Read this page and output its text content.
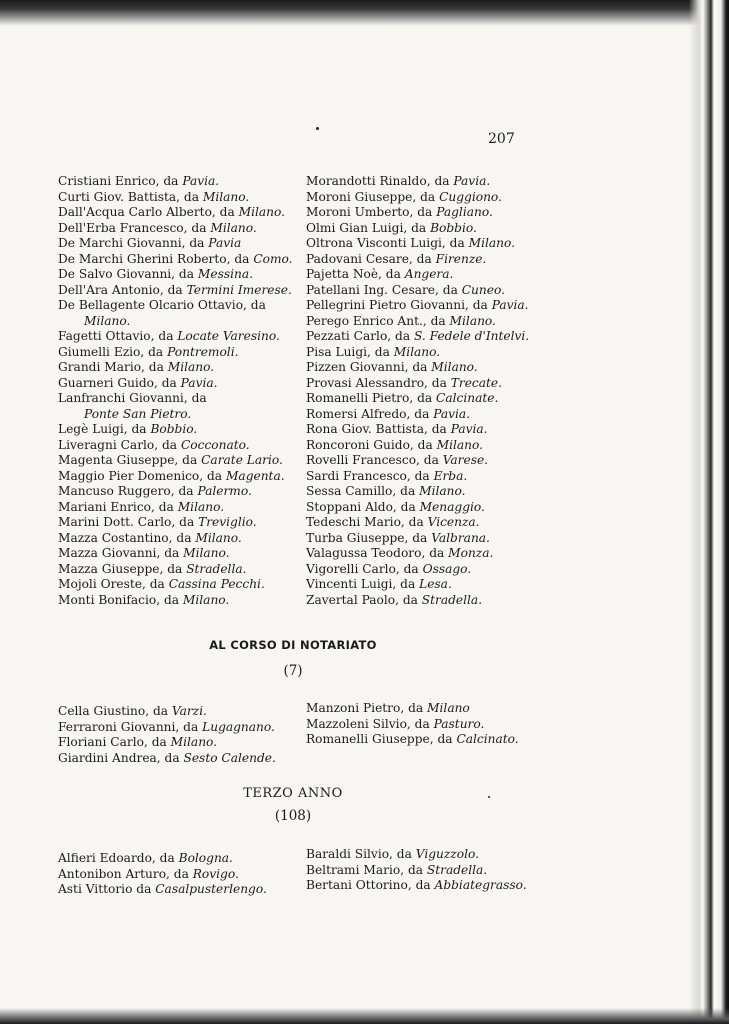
207
Cristiani Enrico, da Pavia.
Curti Giov. Battista, da Milano.
Dall'Acqua Carlo Alberto, da Milano.
Dell'Erba Francesco, da Milano.
De Marchi Giovanni, da Pavia
De Marchi Gherini Roberto, da Como.
De Salvo Giovanni, da Messina.
Dell'Ara Antonio, da Termini Imerese.
De Bellagente Olcario Ottavio, da
Milano.
Fagetti Ottavio, da Locate Varesino.
Giumelli Ezio, da Pontremoli.
Grandi Mario, da Milano.
Guarneri Guido, da Pavia.
Lanfranchi Giovanni, da
Ponte San Pietro.
Legè Luigi, da Bobbio.
Liveragni Carlo, da Cocconato.
Magenta Giuseppe, da Carate Lario.
Maggio Pier Domenico, da Magenta.
Mancuso Ruggero, da Palermo.
Mariani Enrico, da Milano.
Marini Dott. Carlo, da Treviglio.
Mazza Costantino, da Milano.
Mazza Giovanni, da Milano.
Mazza Giuseppe, da Stradella.
Mojoli Oreste, da Cassina Pecchi.
Monti Bonifacio, da Milano.
Morandotti Rinaldo, da Pavia.
Moroni Giuseppe, da Cuggiono.
Moroni Umberto, da Pagliano.
Olmi Gian Luigi, da Bobbio.
Oltrona Visconti Luigi, da Milano.
Padovani Cesare, da Firenze.
Pajetta Noè, da Angera.
Patellani Ing. Cesare, da Cuneo.
Pellegrini Pietro Giovanni, da Pavia.
Perego Enrico Ant., da Milano.
Pezzati Carlo, da S. Fedele d'Intelvi.
Pisa Luigi, da Milano.
Pizzen Giovanni, da Milano.
Provasi Alessandro, da Trecate.
Romanelli Pietro, da Calcinate.
Romersi Alfredo, da Pavia.
Rona Giov. Battista, da Pavia.
Roncoroni Guido, da Milano.
Rovelli Francesco, da Varese.
Sardi Francesco, da Erba.
Sessa Camillo, da Milano.
Stoppani Aldo, da Menaggio.
Tedeschi Mario, da Vicenza.
Turba Giuseppe, da Valbrana.
Valagussa Teodoro, da Monza.
Vigorelli Carlo, da Ossago.
Vincenti Luigi, da Lesa.
Zavertal Paolo, da Stradella.
AL CORSO DI NOTARIATO
(7)
Cella Giustino, da Varzi.
Ferraroni Giovanni, da Lugagnano.
Floriani Carlo, da Milano.
Giardini Andrea, da Sesto Calende.
Manzoni Pietro, da Milano
Mazzoleni Silvio, da Pasturo.
Romanelli Giuseppe, da Calcinato.
TERZO ANNO
(108)
Alfieri Edoardo, da Bologna.
Antonibon Arturo, da Rovigo.
Asti Vittorio da Casalpusterlengo.
Baraldi Silvio, da Viguzzolo.
Beltrami Mario, da Stradella.
Bertani Ottorino, da Abbiategrasso.
